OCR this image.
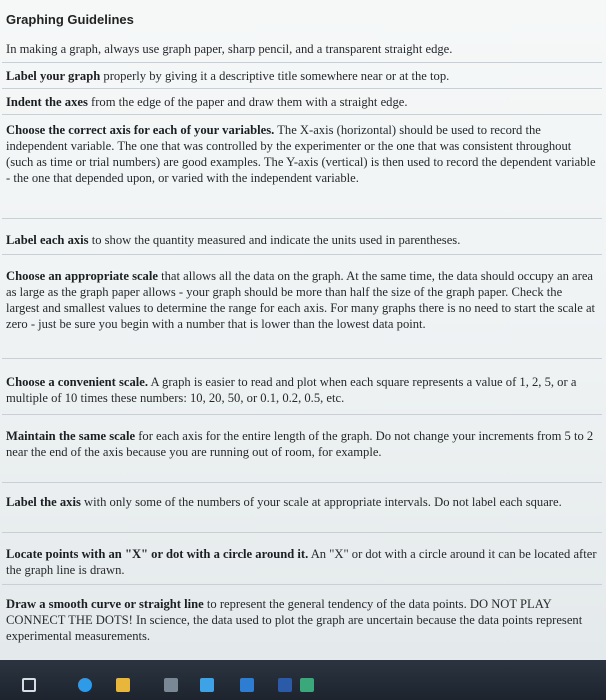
Graphing Guidelines

In making a graph, always use graph paper, sharp pencil, and a transparent straight edge.

Label your graph properly by giving it a descriptive title somewhere near or at the top.

Indent the axes from the edge of the paper and draw them with a straight edge.

Choose the correct axis for each of your variables. The X-axis (horizontal) should be used to record the independent variable. The one that was controlled by the experimenter or the one that was consistent throughout (such as time or trial numbers) are good examples. The Y-axis (vertical) is then used to record the dependent variable - the one that depended upon, or varied with the independent variable.

Label each axis to show the quantity measured and indicate the units used in parentheses.

Choose an appropriate scale that allows all the data on the graph. At the same time, the data should occupy an area as large as the graph paper allows - your graph should be more than half the size of the graph paper. Check the largest and smallest values to determine the range for each axis. For many graphs there is no need to start the scale at zero - just be sure you begin with a number that is lower than the lowest data point.

Choose a convenient scale. A graph is easier to read and plot when each square represents a value of 1, 2, 5, or a multiple of 10 times these numbers: 10, 20, 50, or 0.1, 0.2, 0.5, etc.

Maintain the same scale for each axis for the entire length of the graph. Do not change your increments from 5 to 2 near the end of the axis because you are running out of room, for example.

Label the axis with only some of the numbers of your scale at appropriate intervals. Do not label each square.

Locate points with an "X" or dot with a circle around it. An "X" or dot with a circle around it can be located after the graph line is drawn.

Draw a smooth curve or straight line to represent the general tendency of the data points. DO NOT PLAY CONNECT THE DOTS! In science, the data used to plot the graph are uncertain because the data points represent experimental measurements.
